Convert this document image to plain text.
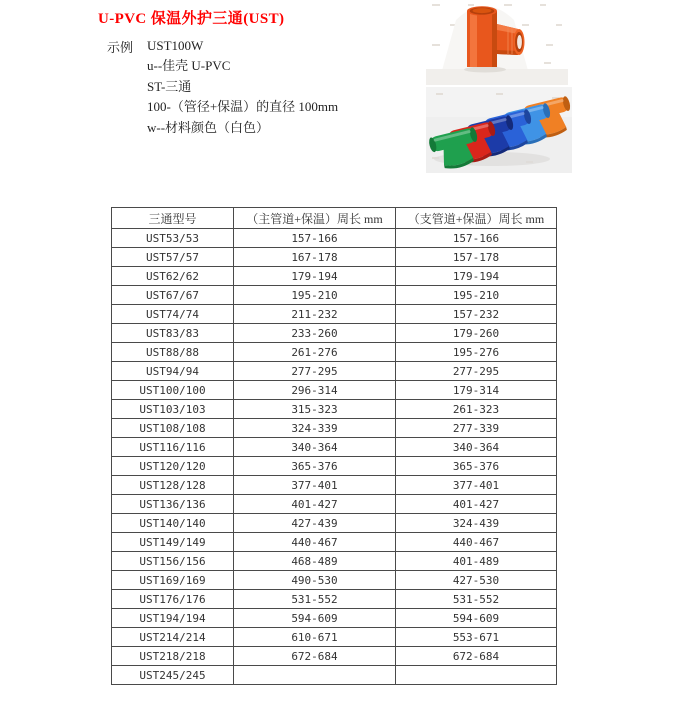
U-PVC 保温外护三通(UST)
示例 UST100W
u--佳壳 U-PVC
ST-三通
100-（管径+保温）的直径 100mm
w--材料颜色（白色）
三通型号	（主管道+保温）周长 mm	（支管道+保温）周长 mm
UST53/53	157-166	157-166
UST57/57	167-178	157-178
UST62/62	179-194	179-194
UST67/67	195-210	195-210
UST74/74	211-232	157-232
UST83/83	233-260	179-260
UST88/88	261-276	195-276
UST94/94	277-295	277-295
UST100/100	296-314	179-314
UST103/103	315-323	261-323
UST108/108	324-339	277-339
UST116/116	340-364	340-364
UST120/120	365-376	365-376
UST128/128	377-401	377-401
UST136/136	401-427	401-427
UST140/140	427-439	324-439
UST149/149	440-467	440-467
UST156/156	468-489	401-489
UST169/169	490-530	427-530
UST176/176	531-552	531-552
UST194/194	594-609	594-609
UST214/214	610-671	553-671
UST218/218	672-684	672-684
UST245/245		
